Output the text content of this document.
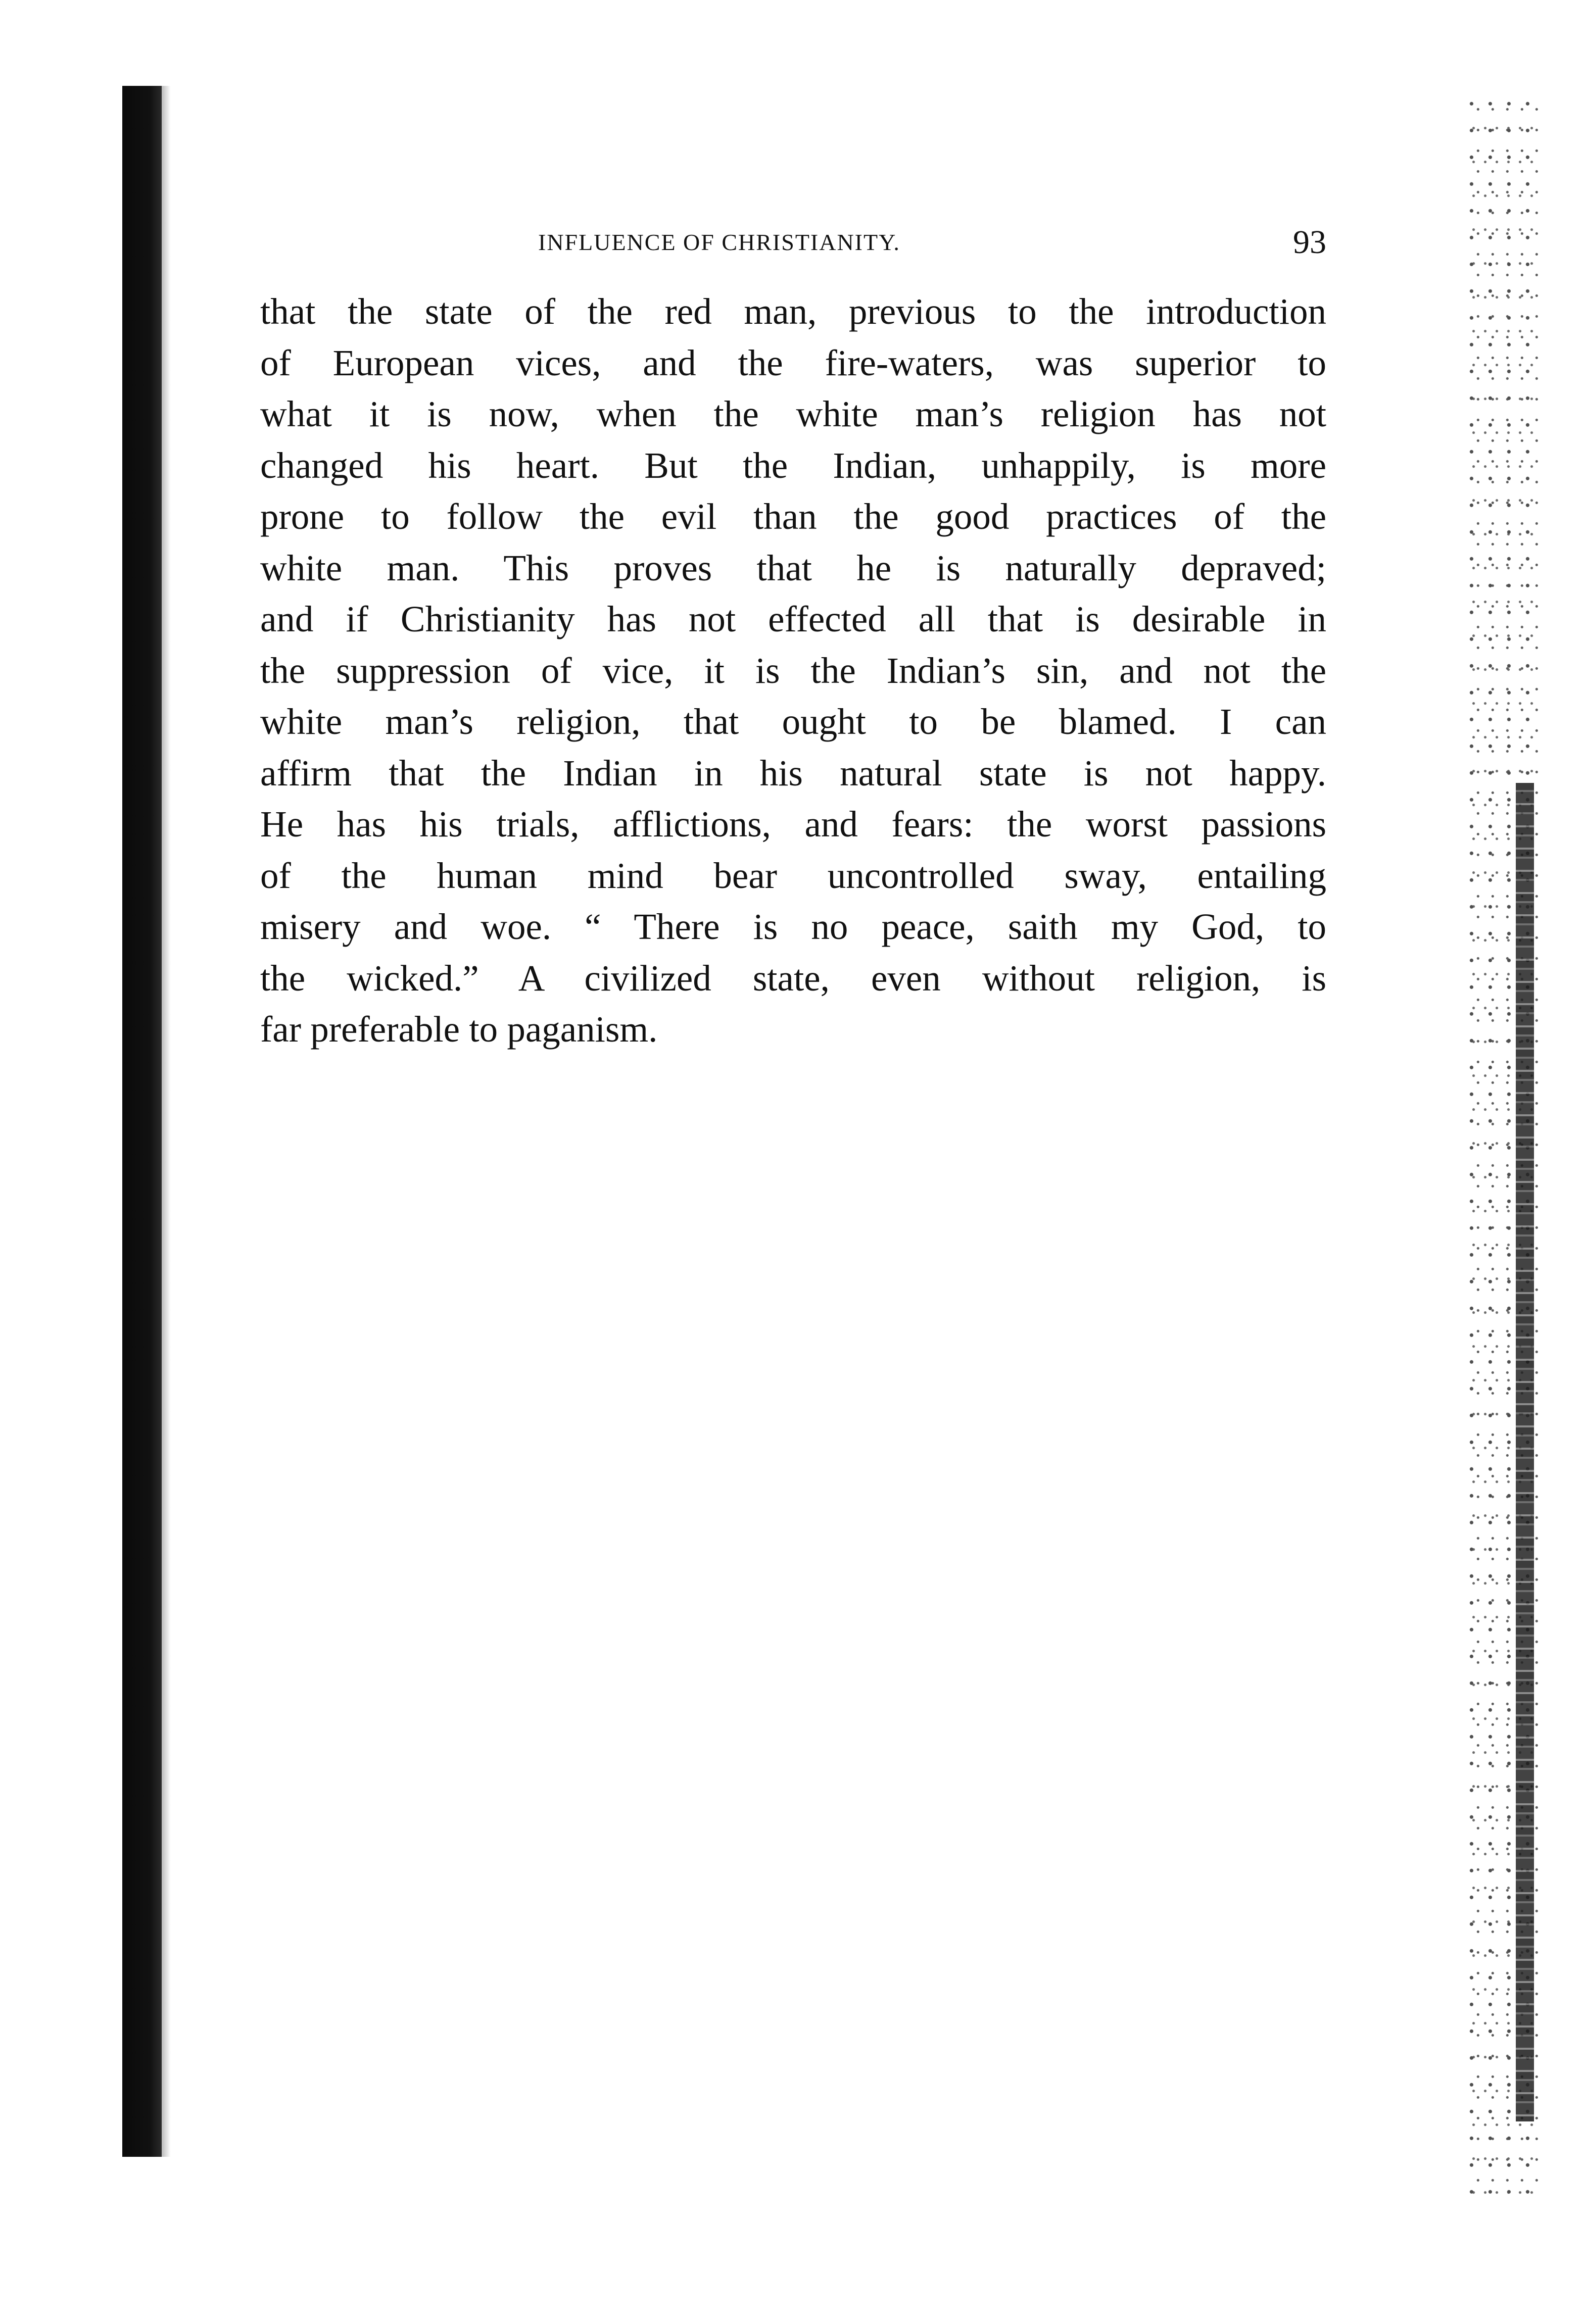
INFLUENCE OF CHRISTIANITY.	93
that the state of the red man, previous to the introduction
of European vices, and the fire-waters, was superior to
what it is now, when the white man’s religion has not
changed his heart. But the Indian, unhappily, is more
prone to follow the evil than the good practices of the
white man. This proves that he is naturally depraved;
and if Christianity has not effected all that is desirable in
the suppression of vice, it is the Indian’s sin, and not the
white man’s religion, that ought to be blamed. I can
affirm that the Indian in his natural state is not happy.
He has his trials, afflictions, and fears: the worst passions
of the human mind bear uncontrolled sway, entailing
misery and woe. “ There is no peace, saith my God, to
the wicked.” A civilized state, even without religion, is
far preferable to paganism.
